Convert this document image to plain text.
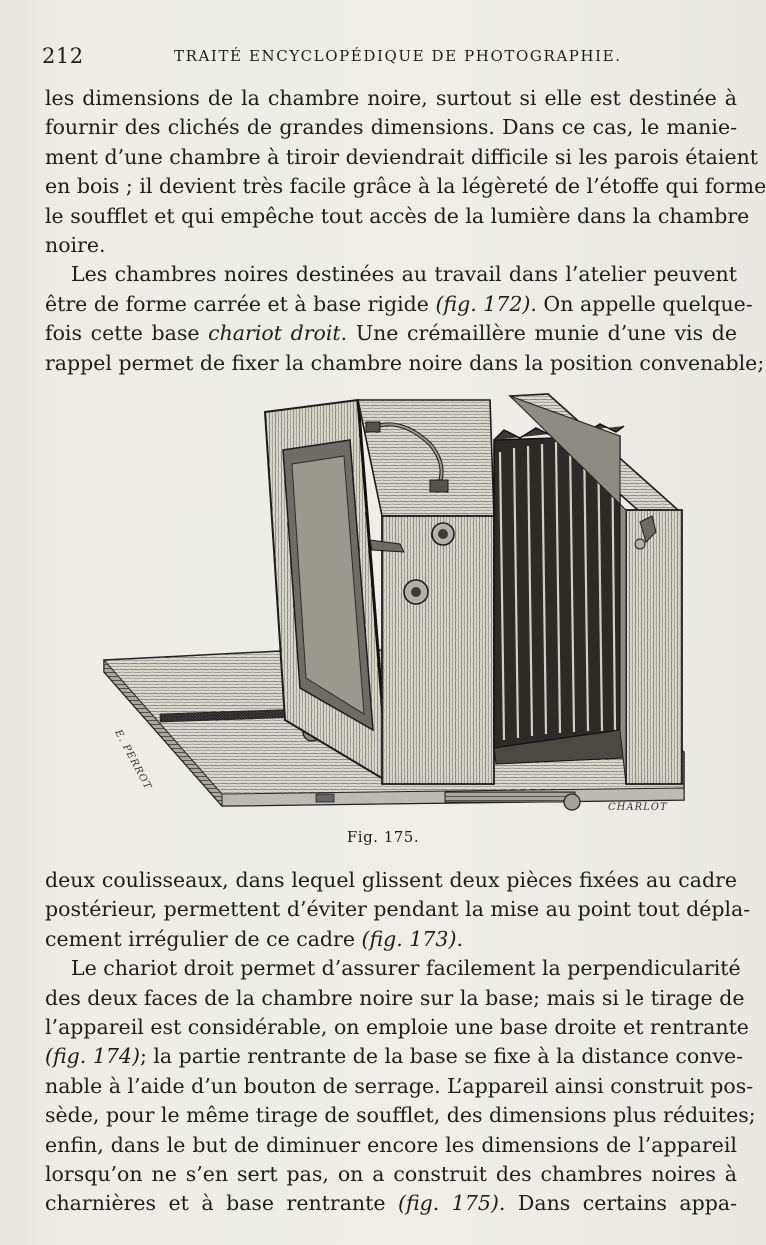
212	TRAITÉ ENCYCLOPÉDIQUE DE PHOTOGRAPHIE.
les dimensions de la chambre noire, surtout si elle est destinée à
fournir des clichés de grandes dimensions. Dans ce cas, le manie-
ment d’une chambre à tiroir deviendrait difficile si les parois étaient
en bois ; il devient très facile grâce à la légèreté de l’étoffe qui forme
le soufflet et qui empêche tout accès de la lumière dans la chambre
noire.
Les chambres noires destinées au travail dans l’atelier peuvent
être de forme carrée et à base rigide (fig. 172). On appelle quelque-
fois cette base chariot droit. Une crémaillère munie d’une vis de
rappel permet de fixer la chambre noire dans la position convenable;
E. PERROT
CHARLOT
Fig. 175.
deux coulisseaux, dans lequel glissent deux pièces fixées au cadre
postérieur, permettent d’éviter pendant la mise au point tout dépla-
cement irrégulier de ce cadre (fig. 173).
Le chariot droit permet d’assurer facilement la perpendicularité
des deux faces de la chambre noire sur la base; mais si le tirage de
l’appareil est considérable, on emploie une base droite et rentrante
(fig. 174); la partie rentrante de la base se fixe à la distance conve-
nable à l’aide d’un bouton de serrage. L’appareil ainsi construit pos-
sède, pour le même tirage de soufflet, des dimensions plus réduites;
enfin, dans le but de diminuer encore les dimensions de l’appareil
lorsqu’on ne s’en sert pas, on a construit des chambres noires à
charnières et à base rentrante (fig. 175). Dans certains appa-
